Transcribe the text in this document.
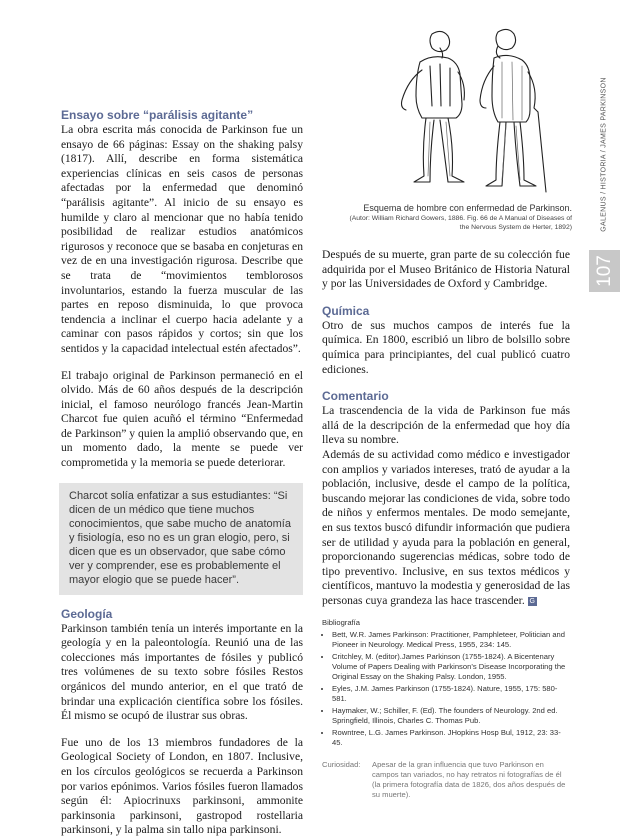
GALENUS / HISTORIA / JAMES PARKINSON
107
Esquema de hombre con enfermedad de Parkinson.
(Autor: William Richard Gowers, 1886. Fig. 66 de A Manual of Diseases of the Nervous System de Herter, 1892)
Ensayo sobre “parálisis agitante”

La obra escrita más conocida de Parkinson fue un ensayo de 66 páginas: Essay on the shaking palsy (1817). Allí, describe en forma sistemática experiencias clínicas en seis casos de personas afectadas por la enfermedad que denominó “parálisis agitante”. Al inicio de su ensayo es humilde y claro al mencionar que no había tenido posibilidad de realizar estudios anatómicos rigurosos y reconoce que se basaba en conjeturas en vez de en una investigación rigurosa. Describe que se trata de “movimientos temblorosos involuntarios, estando la fuerza muscular de las partes en reposo disminuida, lo que provoca tendencia a inclinar el cuerpo hacia adelante y a caminar con pasos rápidos y cortos; sin que los sentidos y la capacidad intelectual estén afectados”.

El trabajo original de Parkinson permaneció en el olvido. Más de 60 años después de la descripción inicial, el famoso neurólogo francés Jean-Martin Charcot fue quien acuñó el término “Enfermedad de Parkinson” y quien la amplió observando que, en un momento dado, la mente se puede ver comprometida y la memoria se puede deteriorar.

Charcot solía enfatizar a sus estudiantes: “Si dicen de un médico que tiene muchos conocimientos, que sabe mucho de anatomía y fisiología, eso no es un gran elogio, pero, si dicen que es un observador, que sabe cómo ver y comprender, ese es probablemente el mayor elogio que se puede hacer”.
Geología

Parkinson también tenía un interés importante en la geología y en la paleontología. Reunió una de las colecciones más importantes de fósiles y publicó tres volúmenes de su texto sobre fósiles Restos orgánicos del mundo anterior, en el que trató de brindar una explicación científica sobre los fósiles. Él mismo se ocupó de ilustrar sus obras.

Fue uno de los 13 miembros fundadores de la Geological Society of London, en 1807. Inclusive, en los círculos geológicos se recuerda a Parkinson por varios epónimos. Varios fósiles fueron llamados según él: Apiocrinuxs parkinsoni, ammonite parkinsonia parkinsoni, gastropod rostellaria parkinsoni, y la palma sin tallo nipa parkinsoni.

Después de su muerte, gran parte de su colección fue adquirida por el Museo Británico de Historia Natural y por las Universidades de Oxford y Cambridge.

Química

Otro de sus muchos campos de interés fue la química. En 1800, escribió un libro de bolsillo sobre química para principiantes, del cual publicó cuatro ediciones.

Comentario

La trascendencia de la vida de Parkinson fue más allá de la descripción de la enfermedad que hoy día lleva su nombre.

Además de su actividad como médico e investigador con amplios y variados intereses, trató de ayudar a la población, inclusive, desde el campo de la política, buscando mejorar las condiciones de vida, sobre todo de niños y enfermos mentales. De modo semejante, en sus textos buscó difundir información que pudiera ser de utilidad y ayuda para la población en general, proporcionando sugerencias médicas, sobre todo de tipo preventivo. Inclusive, en sus textos médicos y científicos, mantuvo la modestia y generosidad de las personas cuya grandeza las hace trascender. G

Bibliografía
• Bett, W.R. James Parkinson: Practitioner, Pamphleteer, Politician and Pioneer in Neurology. Medical Press, 1955, 234: 145.
• Critchley, M. (editor).James Parkinson (1755-1824). A Bicentenary Volume of Papers Dealing with Parkinson’s Disease Incorporating the Original Essay on the Shaking Palsy. London, 1955.
• Eyles, J.M. James Parkinson (1755-1824). Nature, 1955, 175: 580-581.
• Haymaker, W.; Schiller, F. (Ed). The founders of Neurology. 2nd ed. Springfield, Illinois, Charles C. Thomas Pub.
• Rowntree, L.G. James Parkinson. JHopkins Hosp Bul, 1912, 23: 33-45.
Curiosidad:	Apesar de la gran influencia que tuvo Parkinson en campos tan variados, no hay retratos ni fotografías de él (la primera fotografía data de 1826, dos años después de su muerte).
